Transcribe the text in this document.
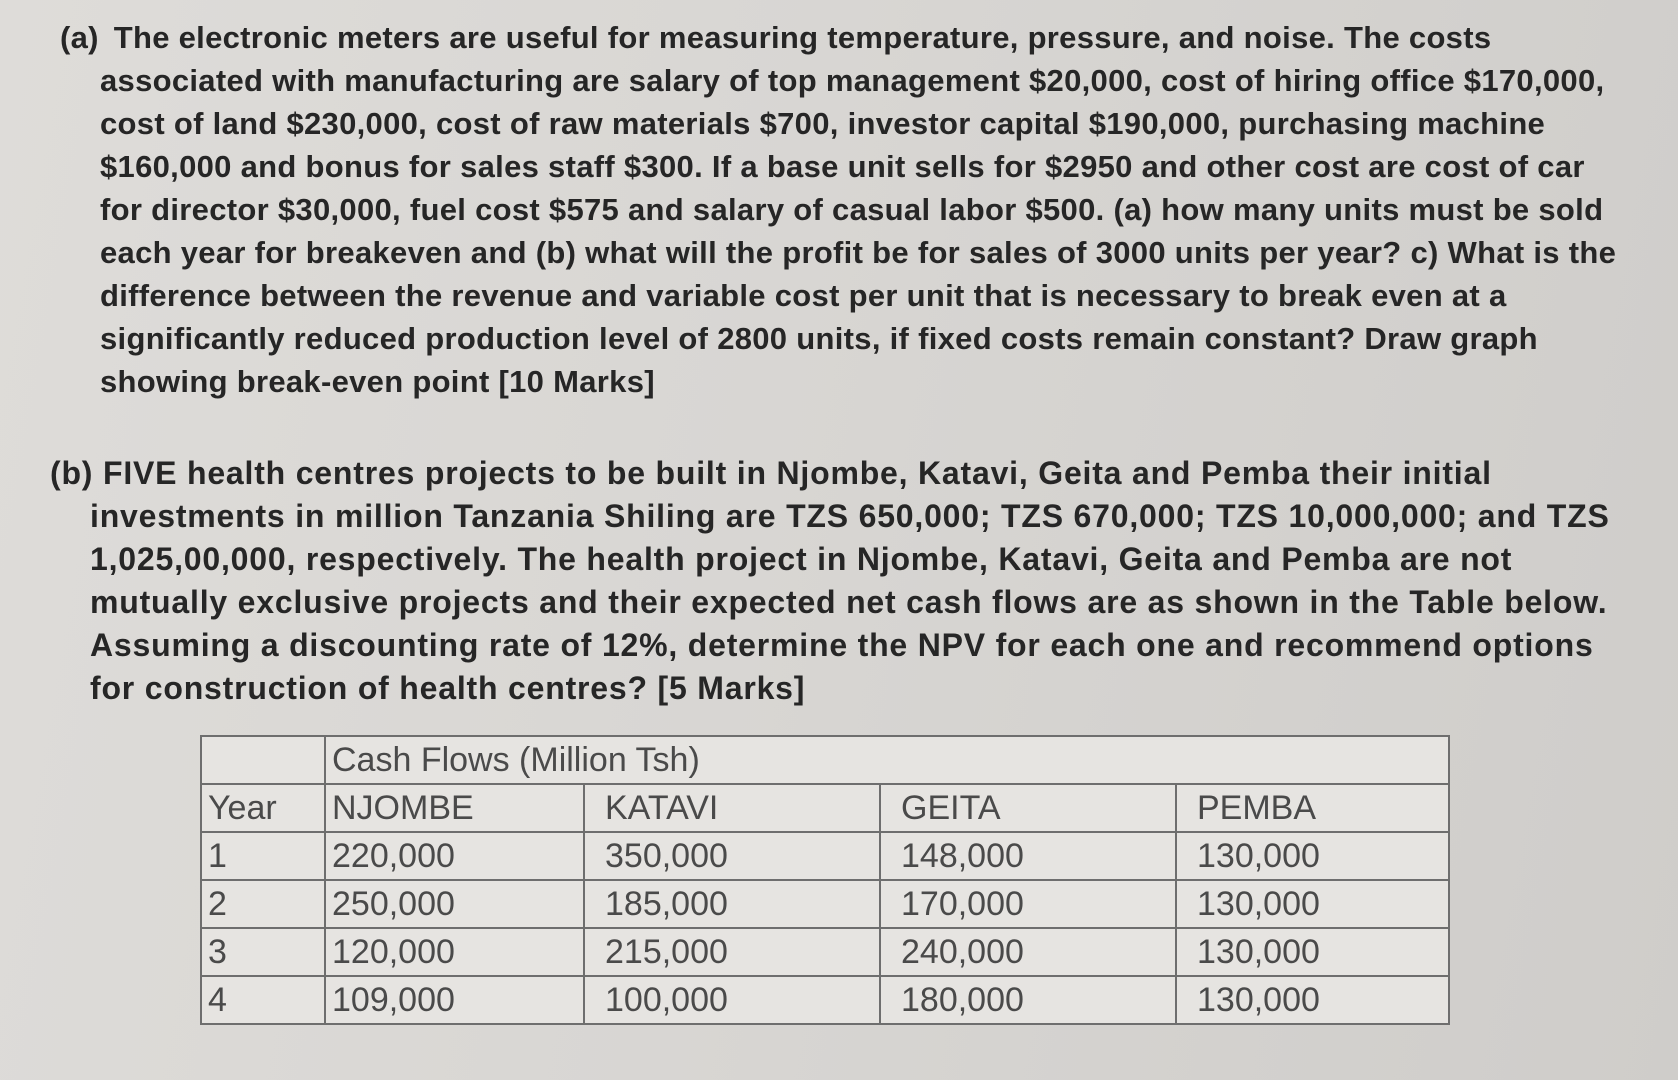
(a) The electronic meters are useful for measuring temperature, pressure, and noise. The costs associated with manufacturing are salary of top management $20,000, cost of hiring office $170,000, cost of land $230,000, cost of raw materials $700, investor capital $190,000, purchasing machine $160,000 and bonus for sales staff $300. If a base unit sells for $2950 and other cost are cost of car for director $30,000, fuel cost $575 and salary of casual labor $500. (a) how many units must be sold each year for breakeven and (b) what will the profit be for sales of 3000 units per year? c) What is the difference between the revenue and variable cost per unit that is necessary to break even at a significantly reduced production level of 2800 units, if fixed costs remain constant? Draw graph showing break-even point [10 Marks]
(b) FIVE health centres projects to be built in Njombe, Katavi, Geita and Pemba their initial investments in million Tanzania Shiling are TZS 650,000; TZS 670,000; TZS 10,000,000; and TZS 1,025,00,000, respectively. The health project in Njombe, Katavi, Geita and Pemba are not mutually exclusive projects and their expected net cash flows are as shown in the Table below. Assuming a discounting rate of 12%, determine the NPV for each one and recommend options for construction of health centres? [5 Marks]
	Cash Flows (Million Tsh)			
Year	NJOMBE	KATAVI	GEITA	PEMBA
1	220,000	350,000	148,000	130,000
2	250,000	185,000	170,000	130,000
3	120,000	215,000	240,000	130,000
4	109,000	100,000	180,000	130,000
